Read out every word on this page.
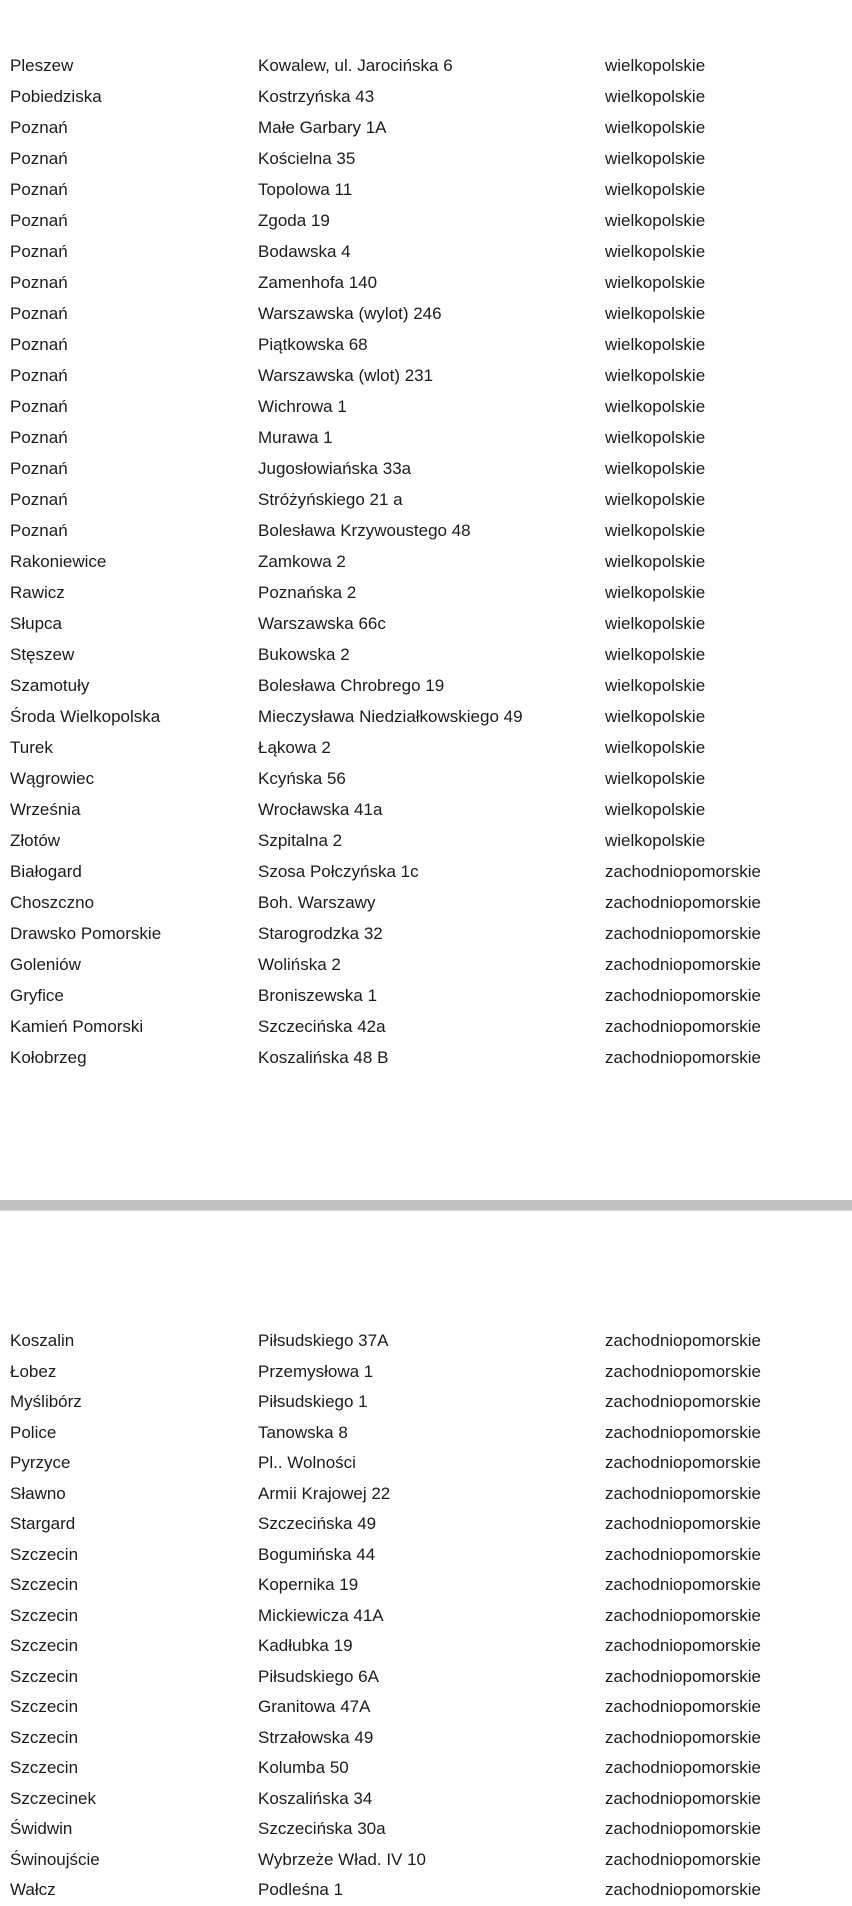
Pleszew	Kowalew, ul. Jarocińska 6	wielkopolskie
Pobiedziska	Kostrzyńska 43	wielkopolskie
Poznań	Małe Garbary 1A	wielkopolskie
Poznań	Kościelna 35	wielkopolskie
Poznań	Topolowa 11	wielkopolskie
Poznań	Zgoda 19	wielkopolskie
Poznań	Bodawska 4	wielkopolskie
Poznań	Zamenhofa 140	wielkopolskie
Poznań	Warszawska (wylot) 246	wielkopolskie
Poznań	Piątkowska 68	wielkopolskie
Poznań	Warszawska (wlot) 231	wielkopolskie
Poznań	Wichrowa 1	wielkopolskie
Poznań	Murawa 1	wielkopolskie
Poznań	Jugosłowiańska 33a	wielkopolskie
Poznań	Stróżyńskiego 21 a	wielkopolskie
Poznań	Bolesława Krzywoustego 48	wielkopolskie
Rakoniewice	Zamkowa 2	wielkopolskie
Rawicz	Poznańska 2	wielkopolskie
Słupca	Warszawska 66c	wielkopolskie
Stęszew	Bukowska 2	wielkopolskie
Szamotuły	Bolesława Chrobrego 19	wielkopolskie
Środa Wielkopolska	Mieczysława Niedziałkowskiego 49	wielkopolskie
Turek	Łąkowa 2	wielkopolskie
Wągrowiec	Kcyńska 56	wielkopolskie
Września	Wrocławska 41a	wielkopolskie
Złotów	Szpitalna 2	wielkopolskie
Białogard	Szosa Połczyńska 1c	zachodniopomorskie
Choszczno	Boh. Warszawy	zachodniopomorskie
Drawsko Pomorskie	Starogrodzka 32	zachodniopomorskie
Goleniów	Wolińska 2	zachodniopomorskie
Gryfice	Broniszewska 1	zachodniopomorskie
Kamień Pomorski	Szczecińska 42a	zachodniopomorskie
Kołobrzeg	Koszalińska 48 B	zachodniopomorskie
Koszalin	Piłsudskiego 37A	zachodniopomorskie
Łobez	Przemysłowa 1	zachodniopomorskie
Myślibórz	Piłsudskiego 1	zachodniopomorskie
Police	Tanowska 8	zachodniopomorskie
Pyrzyce	Pl.. Wolności	zachodniopomorskie
Sławno	Armii Krajowej 22	zachodniopomorskie
Stargard	Szczecińska 49	zachodniopomorskie
Szczecin	Bogumińska 44	zachodniopomorskie
Szczecin	Kopernika 19	zachodniopomorskie
Szczecin	Mickiewicza 41A	zachodniopomorskie
Szczecin	Kadłubka 19	zachodniopomorskie
Szczecin	Piłsudskiego 6A	zachodniopomorskie
Szczecin	Granitowa 47A	zachodniopomorskie
Szczecin	Strzałowska 49	zachodniopomorskie
Szczecin	Kolumba 50	zachodniopomorskie
Szczecinek	Koszalińska 34	zachodniopomorskie
Świdwin	Szczecińska 30a	zachodniopomorskie
Świnoujście	Wybrzeże Wład. IV 10	zachodniopomorskie
Wałcz	Podleśna 1	zachodniopomorskie
